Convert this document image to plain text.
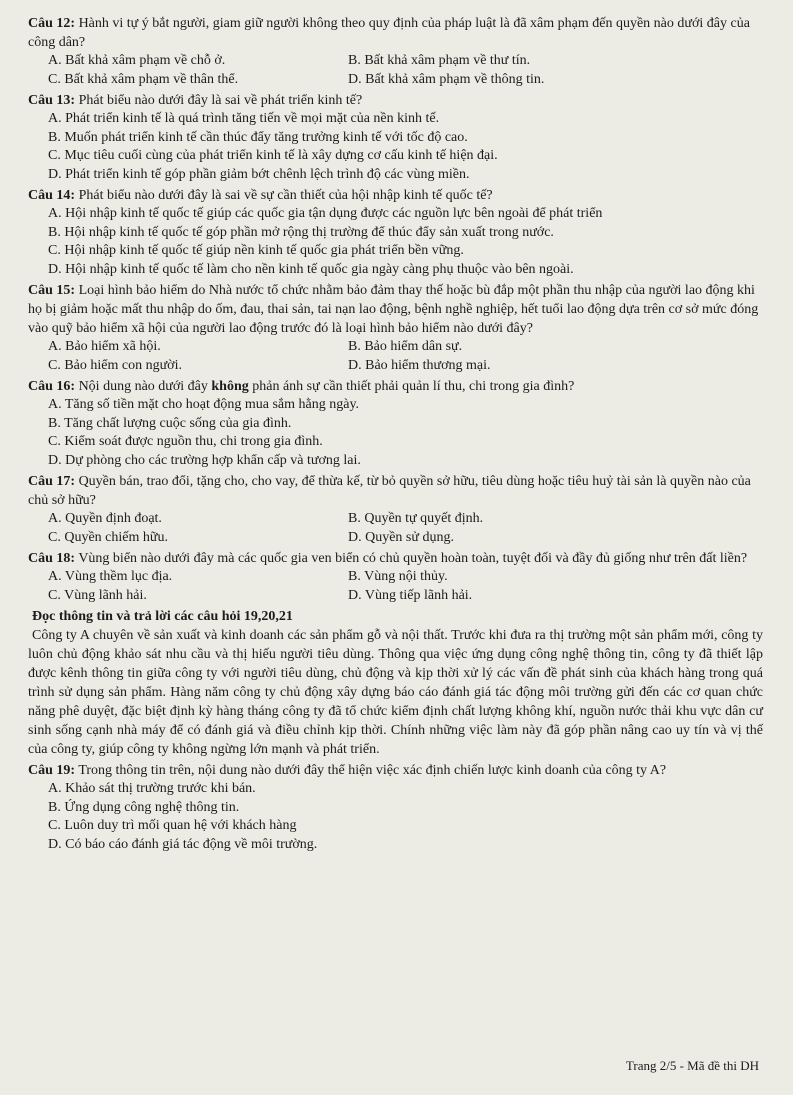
Câu 12: Hành vi tự ý bắt người, giam giữ người không theo quy định của pháp luật là đã xâm phạm đến quyền nào dưới đây của công dân?

A. Bất khả xâm phạm về chỗ ở.	B. Bất khả xâm phạm về thư tín.
C. Bất khả xâm phạm về thân thể.	D. Bất khả xâm phạm về thông tin.

Câu 13: Phát biểu nào dưới đây là sai về phát triển kinh tế?

A. Phát triển kinh tế là quá trình tăng tiến về mọi mặt của nền kinh tế.
B. Muốn phát triển kinh tế cần thúc đẩy tăng trưởng kinh tế với tốc độ cao.
C. Mục tiêu cuối cùng của phát triển kinh tế là xây dựng cơ cấu kinh tế hiện đại.
D. Phát triển kinh tế góp phần giảm bớt chênh lệch trình độ các vùng miền.

Câu 14: Phát biểu nào dưới đây là sai về sự cần thiết của hội nhập kinh tế quốc tế?

A. Hội nhập kinh tế quốc tế giúp các quốc gia tận dụng được các nguồn lực bên ngoài để phát triển
B. Hội nhập kinh tế quốc tế góp phần mở rộng thị trường để thúc đẩy sản xuất trong nước.
C. Hội nhập kinh tế quốc tế giúp nền kinh tế quốc gia phát triển bền vững.
D. Hội nhập kinh tế quốc tế làm cho nền kinh tế quốc gia ngày càng phụ thuộc vào bên ngoài.

Câu 15: Loại hình bảo hiểm do Nhà nước tổ chức nhằm bảo đảm thay thế hoặc bù đắp một phần thu nhập của người lao động khi họ bị giảm hoặc mất thu nhập do ốm, đau, thai sản, tai nạn lao động, bệnh nghề nghiệp, hết tuổi lao động dựa trên cơ sở mức đóng vào quỹ bảo hiểm xã hội của người lao động trước đó là loại hình bảo hiểm nào dưới đây?

A. Bảo hiểm xã hội.	B. Bảo hiểm dân sự.
C. Bảo hiểm con người.	D. Bảo hiểm thương mại.

Câu 16: Nội dung nào dưới đây không phản ánh sự cần thiết phải quản lí thu, chi trong gia đình?

A. Tăng số tiền mặt cho hoạt động mua sắm hằng ngày.
B. Tăng chất lượng cuộc sống của gia đình.
C. Kiểm soát được nguồn thu, chi trong gia đình.
D. Dự phòng cho các trường hợp khẩn cấp và tương lai.

Câu 17: Quyền bán, trao đổi, tặng cho, cho vay, để thừa kế, từ bỏ quyền sở hữu, tiêu dùng hoặc tiêu huỷ tài sản là quyền nào của chủ sở hữu?

A. Quyền định đoạt.	B. Quyền tự quyết định.
C. Quyền chiếm hữu.	D. Quyền sử dụng.

Câu 18: Vùng biển nào dưới đây mà các quốc gia ven biển có chủ quyền hoàn toàn, tuyệt đối và đầy đủ giống như trên đất liền?

A. Vùng thềm lục địa.	B. Vùng nội thủy.
C. Vùng lãnh hải.	D. Vùng tiếp lãnh hải.
Đọc thông tin và trả lời các câu hỏi 19,20,21

Công ty A chuyên về sản xuất và kinh doanh các sản phẩm gỗ và nội thất. Trước khi đưa ra thị trường một sản phẩm mới, công ty luôn chủ động khảo sát nhu cầu và thị hiếu người tiêu dùng. Thông qua việc ứng dụng công nghệ thông tin, công ty đã thiết lập được kênh thông tin giữa công ty với người tiêu dùng, chủ động và kịp thời xử lý các vấn đề phát sinh của khách hàng trong quá trình sử dụng sản phẩm. Hàng năm công ty chủ động xây dựng báo cáo đánh giá tác động môi trường gửi đến các cơ quan chức năng phê duyệt, đặc biệt định kỳ hàng tháng công ty đã tổ chức kiểm định chất lượng không khí, nguồn nước thải khu vực dân cư sinh sống cạnh nhà máy để có đánh giá và điều chỉnh kịp thời. Chính những việc làm này đã góp phần nâng cao uy tín và vị thế của công ty, giúp công ty không ngừng lớn mạnh và phát triển.

Câu 19: Trong thông tin trên, nội dung nào dưới đây thể hiện việc xác định chiến lược kinh doanh của công ty A?

A. Khảo sát thị trường trước khi bán.
B. Ứng dụng công nghệ thông tin.
C. Luôn duy trì mối quan hệ với khách hàng
D. Có báo cáo đánh giá tác động về môi trường.
Trang 2/5 - Mã đề thi DH
